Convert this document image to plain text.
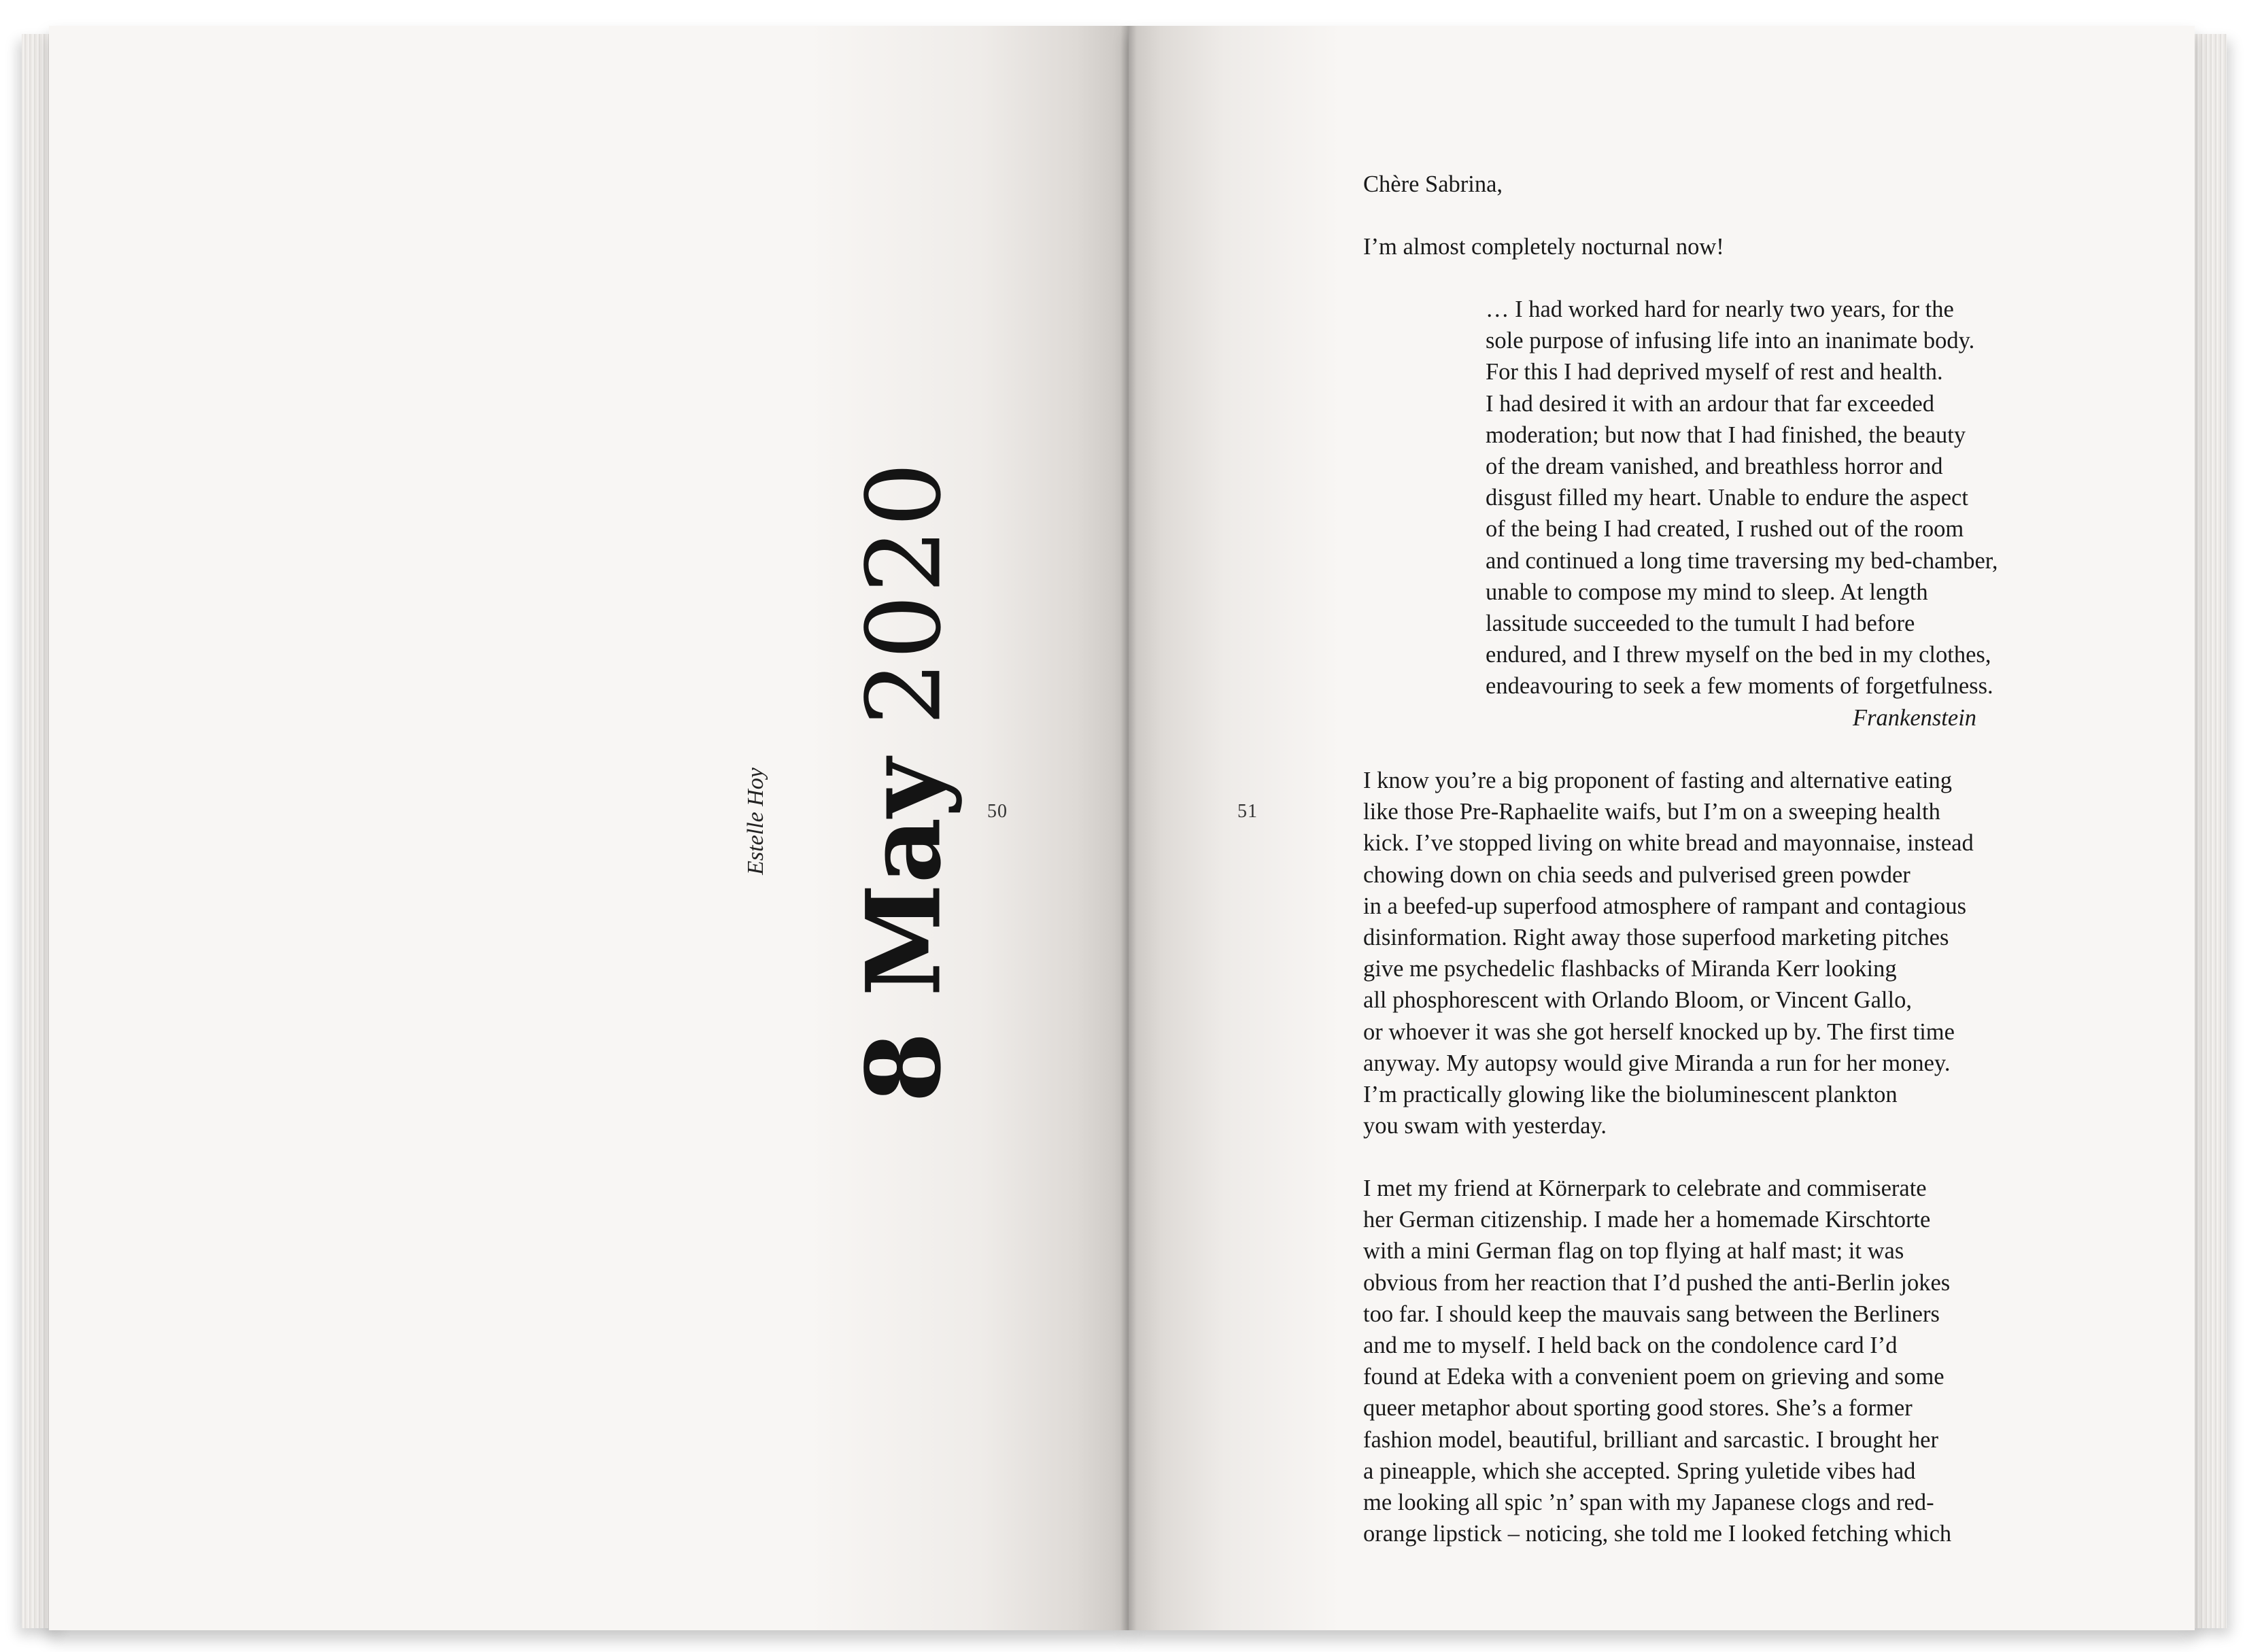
8 May 2020
Estelle Hoy	50	51
Chère Sabrina,
I’m almost completely nocturnal now!
… I had worked hard for nearly two years, for the
sole purpose of infusing life into an inanimate body.
For this I had deprived myself of rest and health.
I had desired it with an ardour that far exceeded
moderation; but now that I had finished, the beauty
of the dream vanished, and breathless horror and
disgust filled my heart. Unable to endure the aspect
of the being I had created, I rushed out of the room
and continued a long time traversing my bed-chamber,
unable to compose my mind to sleep. At length
lassitude succeeded to the tumult I had before
endured, and I threw myself on the bed in my clothes,
endeavouring to seek a few moments of forgetfulness.
Frankenstein
I know you’re a big proponent of fasting and alternative eating
like those Pre-Raphaelite waifs, but I’m on a sweeping health
kick. I’ve stopped living on white bread and mayonnaise, instead
chowing down on chia seeds and pulverised green powder
in a beefed-up superfood atmosphere of rampant and contagious
disinformation. Right away those superfood marketing pitches
give me psychedelic flashbacks of Miranda Kerr looking
all phosphorescent with Orlando Bloom, or Vincent Gallo,
or whoever it was she got herself knocked up by. The first time
anyway. My autopsy would give Miranda a run for her money.
I’m practically glowing like the bioluminescent plankton
you swam with yesterday.
I met my friend at Körnerpark to celebrate and commiserate
her German citizenship. I made her a homemade Kirschtorte
with a mini German flag on top flying at half mast; it was
obvious from her reaction that I’d pushed the anti-Berlin jokes
too far. I should keep the mauvais sang between the Berliners
and me to myself. I held back on the condolence card I’d
found at Edeka with a convenient poem on grieving and some
queer metaphor about sporting good stores. She’s a former
fashion model, beautiful, brilliant and sarcastic. I brought her
a pineapple, which she accepted. Spring yuletide vibes had
me looking all spic ’n’ span with my Japanese clogs and red-
orange lipstick – noticing, she told me I looked fetching which
